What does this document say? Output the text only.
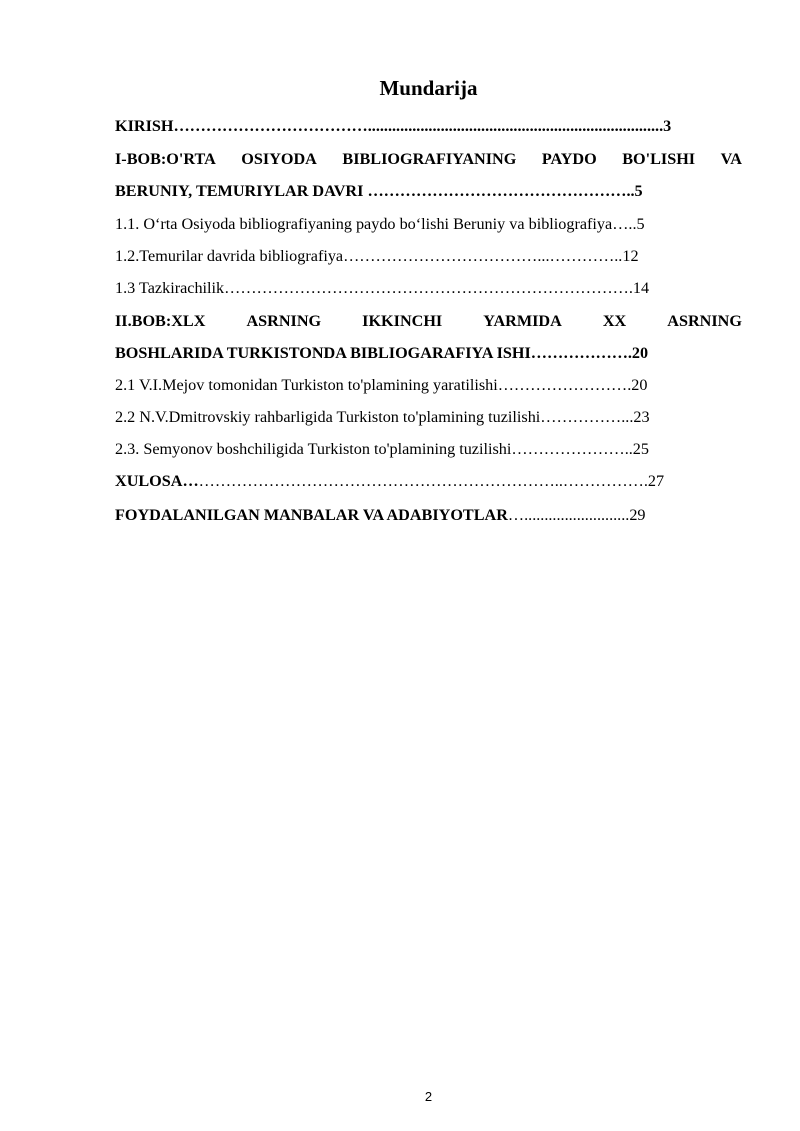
Mundarija
KIRISH……………………………….........................................................................3
I-BOB:O'RTA OSIYODA BIBLIOGRAFIYANING PAYDO BO'LISHI VA
BERUNIY, TEMURIYLAR DAVRI …………………………………………..5
1.1. O‘rta Osiyoda bibliografiyaning paydo bo‘lishi Beruniy va bibliografiya…..5
1.2.Temurilar davrida bibliografiya………………………………...…………..12
1.3 Tazkirachilik………………………………………………………………….14
II.BOB:XLX	ASRNING	IKKINCHI	YARMIDA	XX	ASRNING
BOSHLARIDA TURKISTONDA BIBLIOGARAFIYA ISHI……………….20
2.1 V.I.Mejov tomonidan Turkiston to'plamining yaratilishi…………………….20
2.2 N.V.Dmitrovskiy rahbarligida Turkiston to'plamining tuzilishi……………...23
2.3. Semyonov boshchiligida Turkiston to'plamining tuzilishi…………………..25
XULOSA……………………………………………………………..…………….27
FOYDALANILGAN MANBALAR VA ADABIYOTLAR…..........................29
2
